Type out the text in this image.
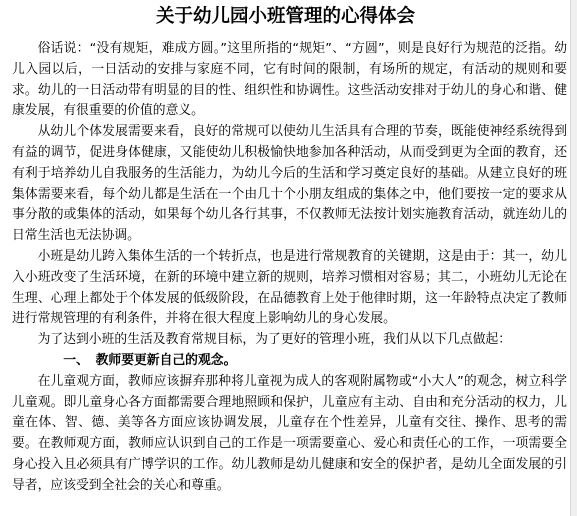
关于幼儿园小班管理的心得体会

俗话说：“没有规矩，难成方圆。”这里所指的“规矩”、“方圆”，则是良好行为规范的泛指。幼儿入园以后，一日活动的安排与家庭不同，它有时间的限制，有场所的规定，有活动的规则和要求。幼儿的一日活动带有明显的目的性、组织性和协调性。这些活动安排对于幼儿的身心和谐、健康发展，有很重要的价值的意义。

从幼儿个体发展需要来看，良好的常规可以使幼儿生活具有合理的节奏，既能使神经系统得到有益的调节，促进身体健康，又能使幼儿积极愉快地参加各种活动，从而受到更为全面的教育，还有利于培养幼儿自我服务的生活能力，为幼儿今后的生活和学习奠定良好的基础。从建立良好的班集体需要来看，每个幼儿都是生活在一个由几十个小朋友组成的集体之中，他们要按一定的要求从事分散的或集体的活动，如果每个幼儿各行其事，不仅教师无法按计划实施教育活动，就连幼儿的日常生活也无法协调。

小班是幼儿跨入集体生活的一个转折点，也是进行常规教育的关键期，这是由于：其一，幼儿入小班改变了生活环境，在新的环境中建立新的规则，培养习惯相对容易；其二，小班幼儿无论在生理、心理上都处于个体发展的低级阶段，在品德教育上处于他律时期，这一年龄特点决定了教师进行常规管理的有利条件，并将在很大程度上影响幼儿的身心发展。

为了达到小班的生活及教育常规目标，为了更好的管理小班，我们从以下几点做起：

一、 教师要更新自己的观念。

在儿童观方面，教师应该摒弃那种将儿童视为成人的客观附属物或“小大人”的观念，树立科学儿童观。即儿童身心各方面都需要合理地照顾和保护，儿童应有主动、自由和充分活动的权力，儿童在体、智、德、美等各方面应该协调发展，儿童存在个性差异，儿童有交往、操作、思考的需要。在教师观方面，教师应认识到自己的工作是一项需要童心、爱心和责任心的工作，一项需要全身心投入且必须具有广博学识的工作。幼儿教师是幼儿健康和安全的保护者，是幼儿全面发展的引导者，应该受到全社会的关心和尊重。
